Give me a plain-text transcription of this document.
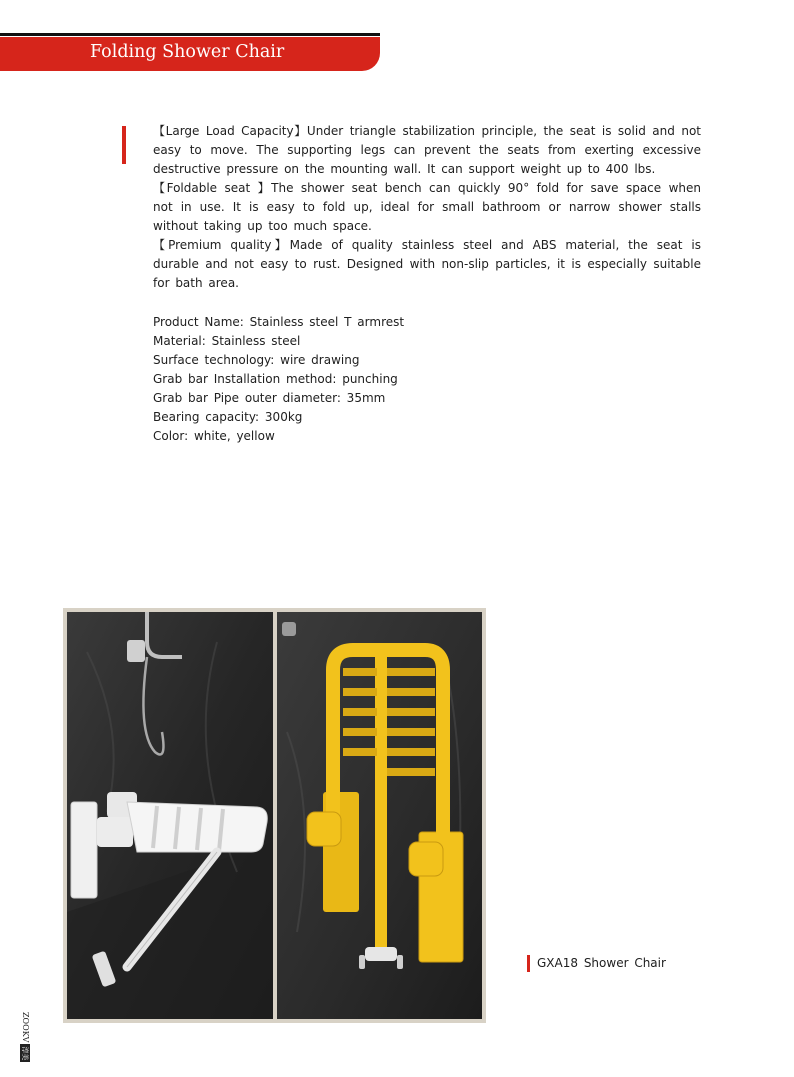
Folding Shower Chair

【Large Load Capacity】Under triangle stabilization principle, the seat is solid and not easy to move. The supporting legs can prevent the seats from exerting excessive destructive pressure on the mounting wall. It can support weight up to 400 lbs.

【Foldable seat 】The shower seat bench can quickly 90° fold for save space when not in use. It is easy to fold up, ideal for small bathroom or narrow shower stalls without taking up too much space.

【Premium quality】Made of quality stainless steel and ABS material, the seat is durable and not easy to rust. Designed with non-slip particles, it is especially suitable for bath area.

Product Name: Stainless steel T armrest

Material: Stainless steel

Surface technology: wire drawing

Grab bar Installation method: punching

Grab bar Pipe outer diameter: 35mm

Bearing capacity: 300kg

Color: white, yellow

GXA18 Shower Chair
ZOOKV淳美
